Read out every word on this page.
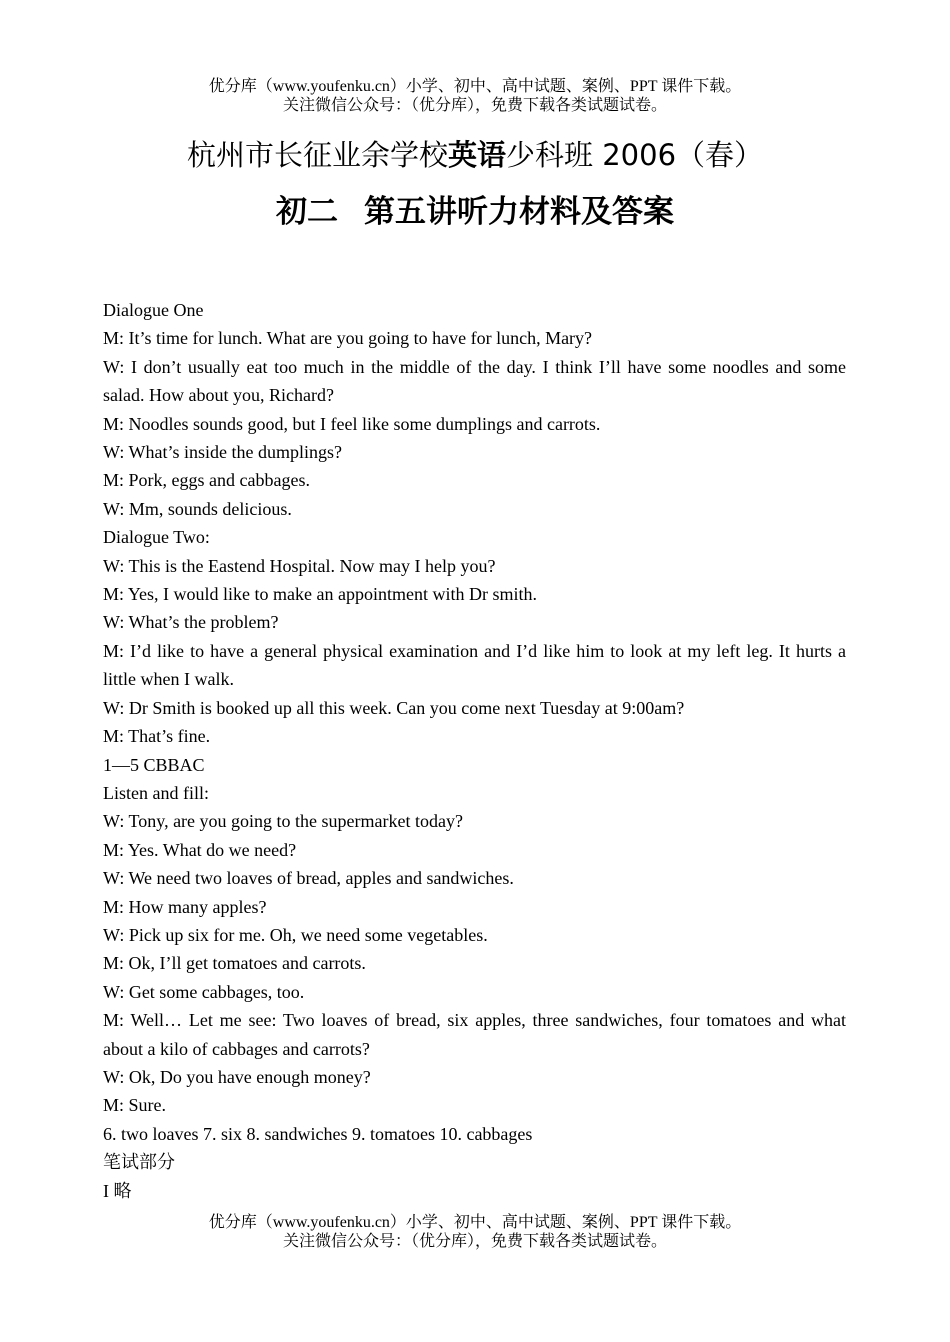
优分库（www.youfenku.cn）小学、初中、高中试题、案例、PPT 课件下载。
关注微信公众号：（优分库），免费下载各类试题试卷。
杭州市长征业余学校英语少科班 2006（春）
初二 第五讲听力材料及答案

Dialogue One

M: It’s time for lunch. What are you going to have for lunch, Mary?

W: I don’t usually eat too much in the middle of the day. I think I’ll have some noodles and some salad. How about you, Richard?

M: Noodles sounds good, but I feel like some dumplings and carrots.

W: What’s inside the dumplings?

M: Pork, eggs and cabbages.

W: Mm, sounds delicious.

Dialogue Two:

W: This is the Eastend Hospital. Now may I help you?

M: Yes, I would like to make an appointment with Dr smith.

W: What’s the problem?

M: I’d like to have a general physical examination and I’d like him to look at my left leg. It hurts a little when I walk.

W: Dr Smith is booked up all this week. Can you come next Tuesday at 9:00am?

M: That’s fine.

1—5 CBBAC

Listen and fill:

W: Tony, are you going to the supermarket today?

M: Yes. What do we need?

W: We need two loaves of bread, apples and sandwiches.

M: How many apples?

W: Pick up six for me. Oh, we need some vegetables.

M: Ok, I’ll get tomatoes and carrots.

W: Get some cabbages, too.

M: Well… Let me see: Two loaves of bread, six apples, three sandwiches, four tomatoes and what about a kilo of cabbages and carrots?

W: Ok, Do you have enough money?

M: Sure.

6. two loaves 7. six 8. sandwiches 9. tomatoes 10. cabbages

笔试部分

I 略

优分库（www.youfenku.cn）小学、初中、高中试题、案例、PPT 课件下载。
关注微信公众号：（优分库），免费下载各类试题试卷。
